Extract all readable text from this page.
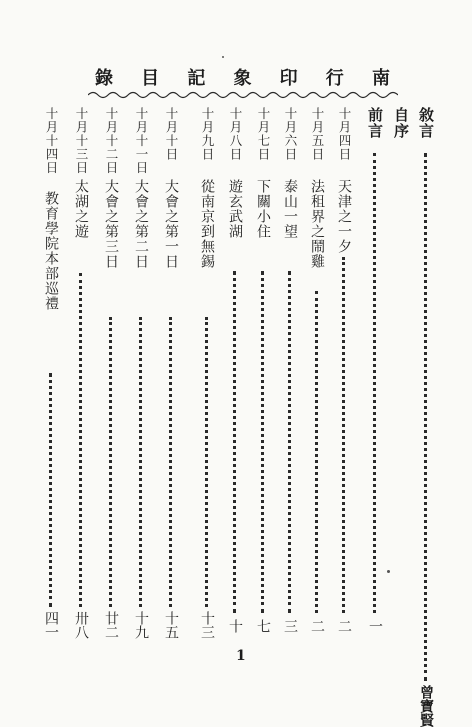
南
行
印
象
記
目
錄
敘言
曾寶賢
自序
前言
一
十月四日
天津之一夕
二
十月五日
法租界之鬧雞
二
十月六日
泰山一望
三
十月七日
下關小住
七
十月八日
遊玄武湖
十
十月九日
從南京到無錫
十三
十月十日
大會之第一日
十五
十月十一日
大會之第二日
十九
十月十二日
大會之第三日
廿二
十月十三日
太湖之遊
卅八
十月十四日
教育學院本部巡禮
四一
1
